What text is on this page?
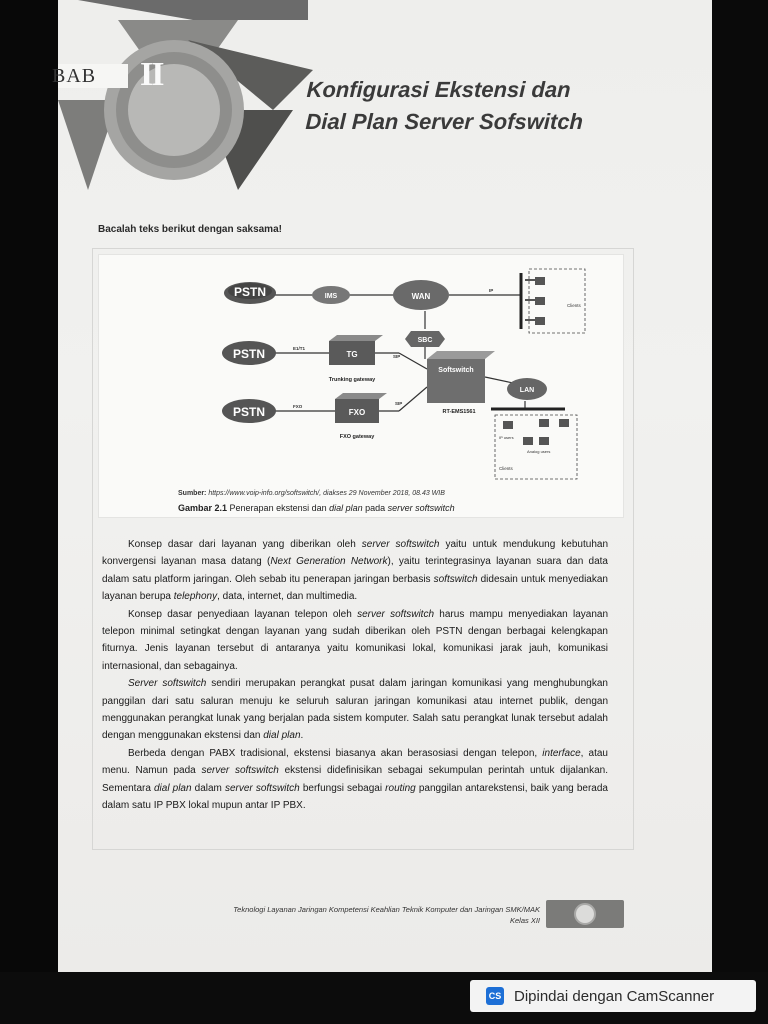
BAB	II	Konfigurasi Ekstensi dan
Dial Plan Server Sofswitch
Bacalah teks berikut dengan saksama!
PSTN	IMS	WAN
SBC
PSTN
PSTN
TG
Trunking gateway
FXO
FXO gateway
Softswitch
RT-EMS1561
LAN
Clients
IP users
Analog users
Clients
E1/T1
FXO
SIP
SIP
IP
Sumber: https://www.voip-info.org/softswitch/, diakses 29 November 2018, 08.43 WIB
Gambar 2.1 Penerapan ekstensi dan dial plan pada server softswitch

Konsep dasar dari layanan yang diberikan oleh server softswitch yaitu untuk mendukung kebutuhan konvergensi layanan masa datang (Next Generation Network), yaitu terintegrasinya layanan suara dan data dalam satu platform jaringan. Oleh sebab itu penerapan jaringan berbasis softswitch didesain untuk menyediakan layanan berupa telephony, data, internet, dan multimedia.

Konsep dasar penyediaan layanan telepon oleh server softswitch harus mampu menyediakan layanan telepon minimal setingkat dengan layanan yang sudah diberikan oleh PSTN dengan berbagai kelengkapan fiturnya. Jenis layanan tersebut di antaranya yaitu komunikasi lokal, komunikasi jarak jauh, komunikasi internasional, dan sebagainya.

Server softswitch sendiri merupakan perangkat pusat dalam jaringan komunikasi yang menghubungkan panggilan dari satu saluran menuju ke seluruh saluran jaringan komunikasi atau internet publik, dengan menggunakan perangkat lunak yang berjalan pada sistem komputer. Salah satu perangkat lunak tersebut adalah dengan menggunakan ekstensi dan dial plan.

Berbeda dengan PABX tradisional, ekstensi biasanya akan berasosiasi dengan telepon, interface, atau menu. Namun pada server softswitch ekstensi didefinisikan sebagai sekumpulan perintah untuk dijalankan. Sementara dial plan dalam server softswitch berfungsi sebagai routing panggilan antarekstensi, baik yang berada dalam satu IP PBX lokal mupun antar IP PBX.

Teknologi Layanan Jaringan Kompetensi Keahlian Teknik Komputer dan Jaringan SMK/MAK
Kelas XII
CS Dipindai dengan CamScanner
